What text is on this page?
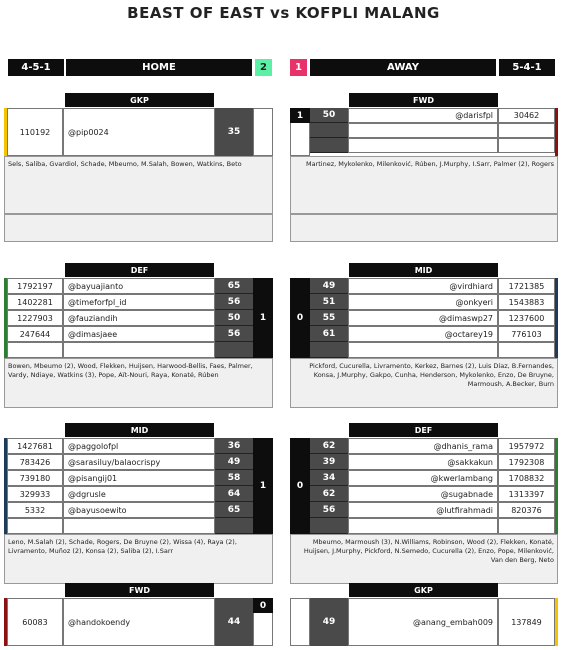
BEAST OF EAST vs KOFPLI MALANG
4-5-1	HOME	2	1	AWAY	5-4-1
GKP
110192	@pip0024	35
Sels, Saliba, Gvardiol, Schade, Mbeumo, M.Salah, Bowen, Watkins, Beto
FWD
1	50	@darisfpl	30462
Martinez, Mykolenko, Milenković, Rúben, J.Murphy, I.Sarr, Palmer (2), Rogers
DEF
1792197	@bayuajianto	65
1402281	@timeforfpl_id	56
1227903	@fauziandih	50
247644	@dimasjaee	56
1
Bowen, Mbeumo (2), Wood, Flekken, Huijsen, Harwood-Bellis, Faes, Palmer, Vardy, Ndiaye, Watkins (3), Pope, Aït-Nouri, Raya, Konaté, Rúben
MID
0
49	@virdhiard	1721385
51	@onkyeri	1543883
55	@dimaswp27	1237600
61	@octarey19	776103
Pickford, Cucurella, Livramento, Kerkez, Barnes (2), Luis Díaz, B.Fernandes, Konsa, J.Murphy, Gakpo, Cunha, Henderson, Mykolenko, Enzo, De Bruyne, Marmoush, A.Becker, Burn
MID
1427681	@paggolofpl	36
783426	@sarasiluy/balaocrispy	49
739180	@pisangij01	58
329933	@dgrusle	64
5332	@bayusoewito	65
1
Leno, M.Salah (2), Schade, Rogers, De Bruyne (2), Wissa (4), Raya (2), Livramento, Muñoz (2), Konsa (2), Saliba (2), I.Sarr
DEF
0
62	@dhanis_rama	1957972
39	@sakkakun	1792308
34	@kwerlambang	1708832
62	@sugabnade	1313397
56	@lutfirahmadi	820376
Mbeumo, Marmoush (3), N.Williams, Robinson, Wood (2), Flekken, Konaté, Huijsen, J.Murphy, Pickford, N.Semedo, Cucurella (2), Enzo, Pope, Milenković, Van den Berg, Neto
FWD
60083	@handokoendy	44
0
GKP
49	@anang_embah009	137849
